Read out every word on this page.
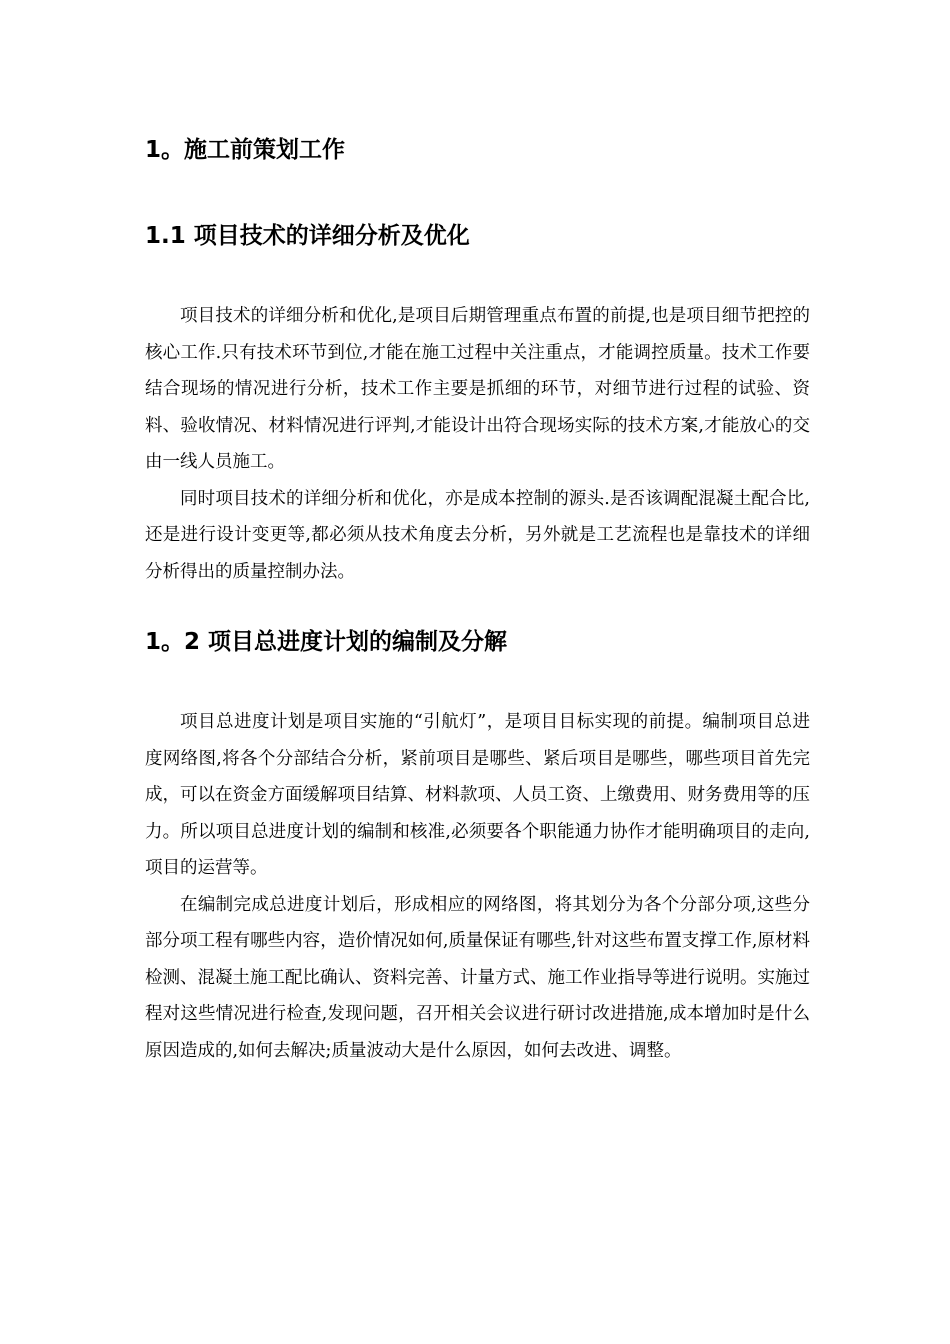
1。施工前策划工作
1.1 项目技术的详细分析及优化

项目技术的详细分析和优化,是项目后期管理重点布置的前提,也是项目细节把控的核心工作.只有技术环节到位,才能在施工过程中关注重点，才能调控质量。技术工作要结合现场的情况进行分析，技术工作主要是抓细的环节，对细节进行过程的试验、资料、验收情况、材料情况进行评判,才能设计出符合现场实际的技术方案,才能放心的交由一线人员施工。

同时项目技术的详细分析和优化，亦是成本控制的源头.是否该调配混凝土配合比,还是进行设计变更等,都必须从技术角度去分析，另外就是工艺流程也是靠技术的详细分析得出的质量控制办法。

1。2 项目总进度计划的编制及分解

项目总进度计划是项目实施的“引航灯”，是项目目标实现的前提。编制项目总进度网络图,将各个分部结合分析，紧前项目是哪些、紧后项目是哪些，哪些项目首先完成，可以在资金方面缓解项目结算、材料款项、人员工资、上缴费用、财务费用等的压力。所以项目总进度计划的编制和核准,必须要各个职能通力协作才能明确项目的走向,项目的运营等。

在编制完成总进度计划后，形成相应的网络图，将其划分为各个分部分项,这些分部分项工程有哪些内容，造价情况如何,质量保证有哪些,针对这些布置支撑工作,原材料检测、混凝土施工配比确认、资料完善、计量方式、施工作业指导等进行说明。实施过程对这些情况进行检查,发现问题，召开相关会议进行研讨改进措施,成本增加时是什么原因造成的,如何去解决;质量波动大是什么原因，如何去改进、调整。
